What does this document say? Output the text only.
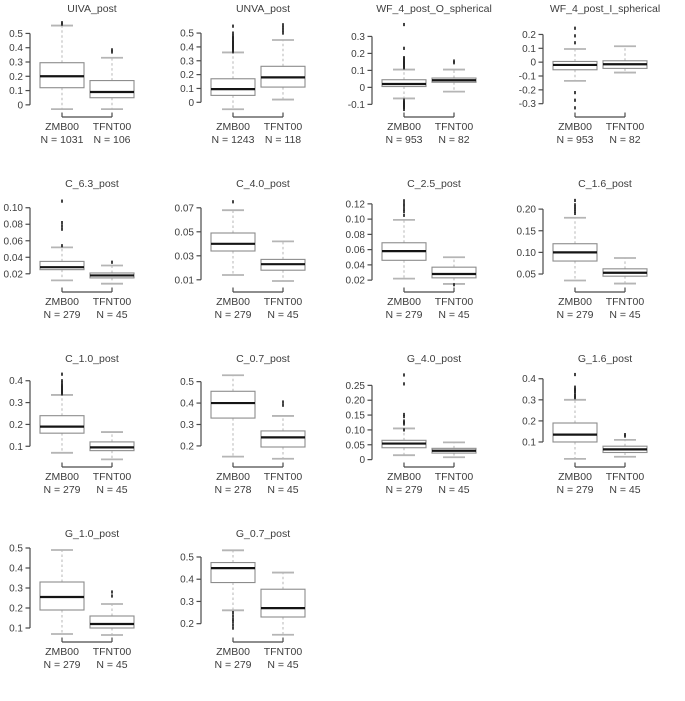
UIVA_post
0
0.1
0.2
0.3
0.4
0.5
ZMB00
N = 1031
TFNT00
N = 106
UNVA_post
0
0.1
0.2
0.3
0.4
0.5
ZMB00
N = 1243
TFNT00
N = 118
WF_4_post_O_spherical
-0.1
0
0.1
0.2
0.3
ZMB00
N = 953
TFNT00
N = 82
WF_4_post_I_spherical
-0.3
-0.2
-0.1
0
0.1
0.2
ZMB00
N = 953
TFNT00
N = 82
C_6.3_post
0.02
0.04
0.06
0.08
0.10
ZMB00
N = 279
TFNT00
N = 45
C_4.0_post
0.01
0.03
0.05
0.07
ZMB00
N = 279
TFNT00
N = 45
C_2.5_post
0.02
0.04
0.06
0.08
0.10
0.12
ZMB00
N = 279
TFNT00
N = 45
C_1.6_post
0.05
0.10
0.15
0.20
ZMB00
N = 279
TFNT00
N = 45
C_1.0_post
0.1
0.2
0.3
0.4
ZMB00
N = 279
TFNT00
N = 45
C_0.7_post
0.2
0.3
0.4
0.5
ZMB00
N = 278
TFNT00
N = 45
G_4.0_post
0
0.05
0.10
0.15
0.20
0.25
ZMB00
N = 279
TFNT00
N = 45
G_1.6_post
0.1
0.2
0.3
0.4
ZMB00
N = 279
TFNT00
N = 45
G_1.0_post
0.1
0.2
0.3
0.4
0.5
ZMB00
N = 279
TFNT00
N = 45
G_0.7_post
0.2
0.3
0.4
0.5
ZMB00
N = 279
TFNT00
N = 45
